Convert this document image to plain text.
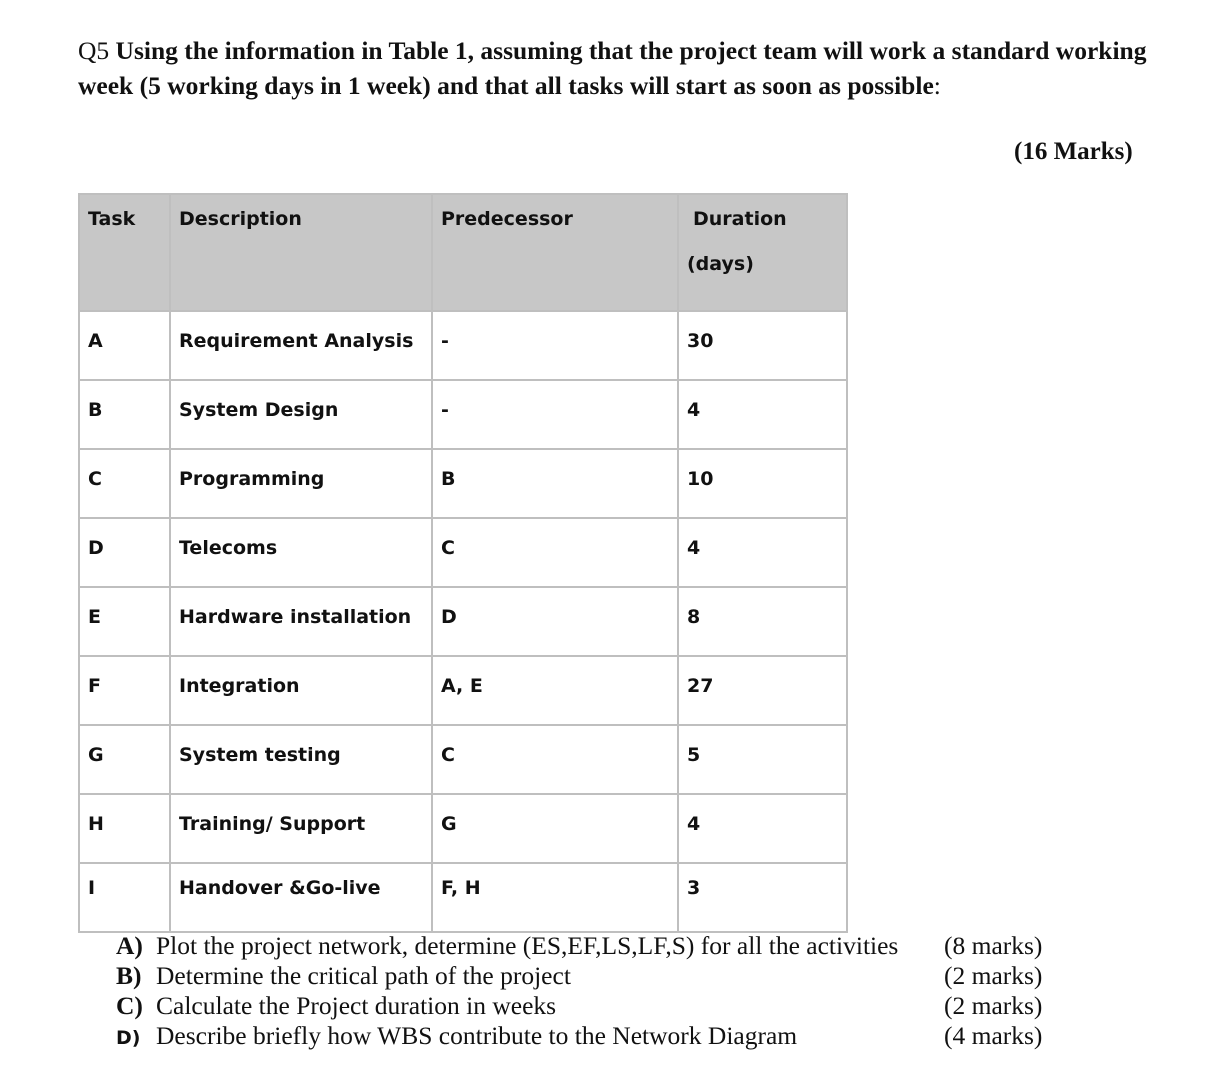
Q5 Using the information in Table 1, assuming that the project team will work a standard working week (5 working days in 1 week) and that all tasks will start as soon as possible:
(16 Marks)
Task	Description	Predecessor	Duration
(days)

A	Requirement Analysis	-	30
B	System Design	-	4
C	Programming	B	10
D	Telecoms	C	4
E	Hardware installation	D	8
F	Integration	A, E	27
G	System testing	C	5
H	Training/ Support	G	4
I	Handover &Go-live	F, H	3
A) Plot the project network, determine (ES,EF,LS,LF,S) for all the activities (8 marks)
B) Determine the critical path of the project	(2 marks)
C) Calculate the Project duration in weeks	(2 marks)
D) Describe briefly how WBS contribute to the Network Diagram	(4 marks)
